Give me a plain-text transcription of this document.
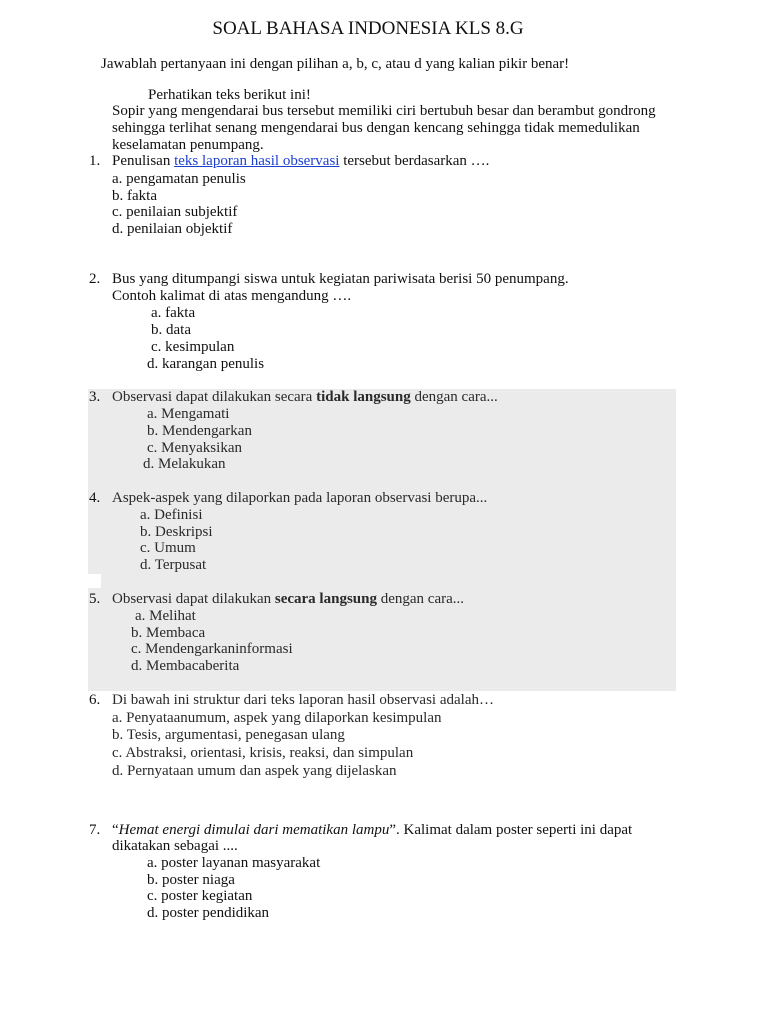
SOAL BAHASA INDONESIA KLS 8.G
Jawablah pertanyaan ini dengan pilihan a, b, c, atau d yang kalian pikir benar!
Perhatikan teks berikut ini!
Sopir yang mengendarai bus tersebut memiliki ciri bertubuh besar dan berambut gondrong
sehingga terlihat senang mengendarai bus dengan kencang sehingga tidak memedulikan
keselamatan penumpang.
1. Penulisan teks laporan hasil observasi tersebut berdasarkan ….
a. pengamatan penulis
b. fakta
c. penilaian subjektif
d. penilaian objektif
2. Bus yang ditumpangi siswa untuk kegiatan pariwisata berisi 50 penumpang.
Contoh kalimat di atas mengandung ….
a. fakta
b. data
c. kesimpulan
d. karangan penulis
3. Observasi dapat dilakukan secara tidak langsung dengan cara...
a. Mengamati
b. Mendengarkan
c. Menyaksikan
d. Melakukan
4. Aspek-aspek yang dilaporkan pada laporan observasi berupa...
a. Definisi
b. Deskripsi
c. Umum
d. Terpusat
5. Observasi dapat dilakukan secara langsung dengan cara...
a. Melihat
b. Membaca
c. Mendengarkaninformasi
d. Membacaberita
6. Di bawah ini struktur dari teks laporan hasil observasi adalah…
a. Penyataanumum, aspek yang dilaporkan kesimpulan
b. Tesis, argumentasi, penegasan ulang
c. Abstraksi, orientasi, krisis, reaksi, dan simpulan
d. Pernyataan umum dan aspek yang dijelaskan
7. “Hemat energi dimulai dari mematikan lampu”. Kalimat dalam poster seperti ini dapat
dikatakan sebagai ....
a. poster layanan masyarakat
b. poster niaga
c. poster kegiatan
d. poster pendidikan
